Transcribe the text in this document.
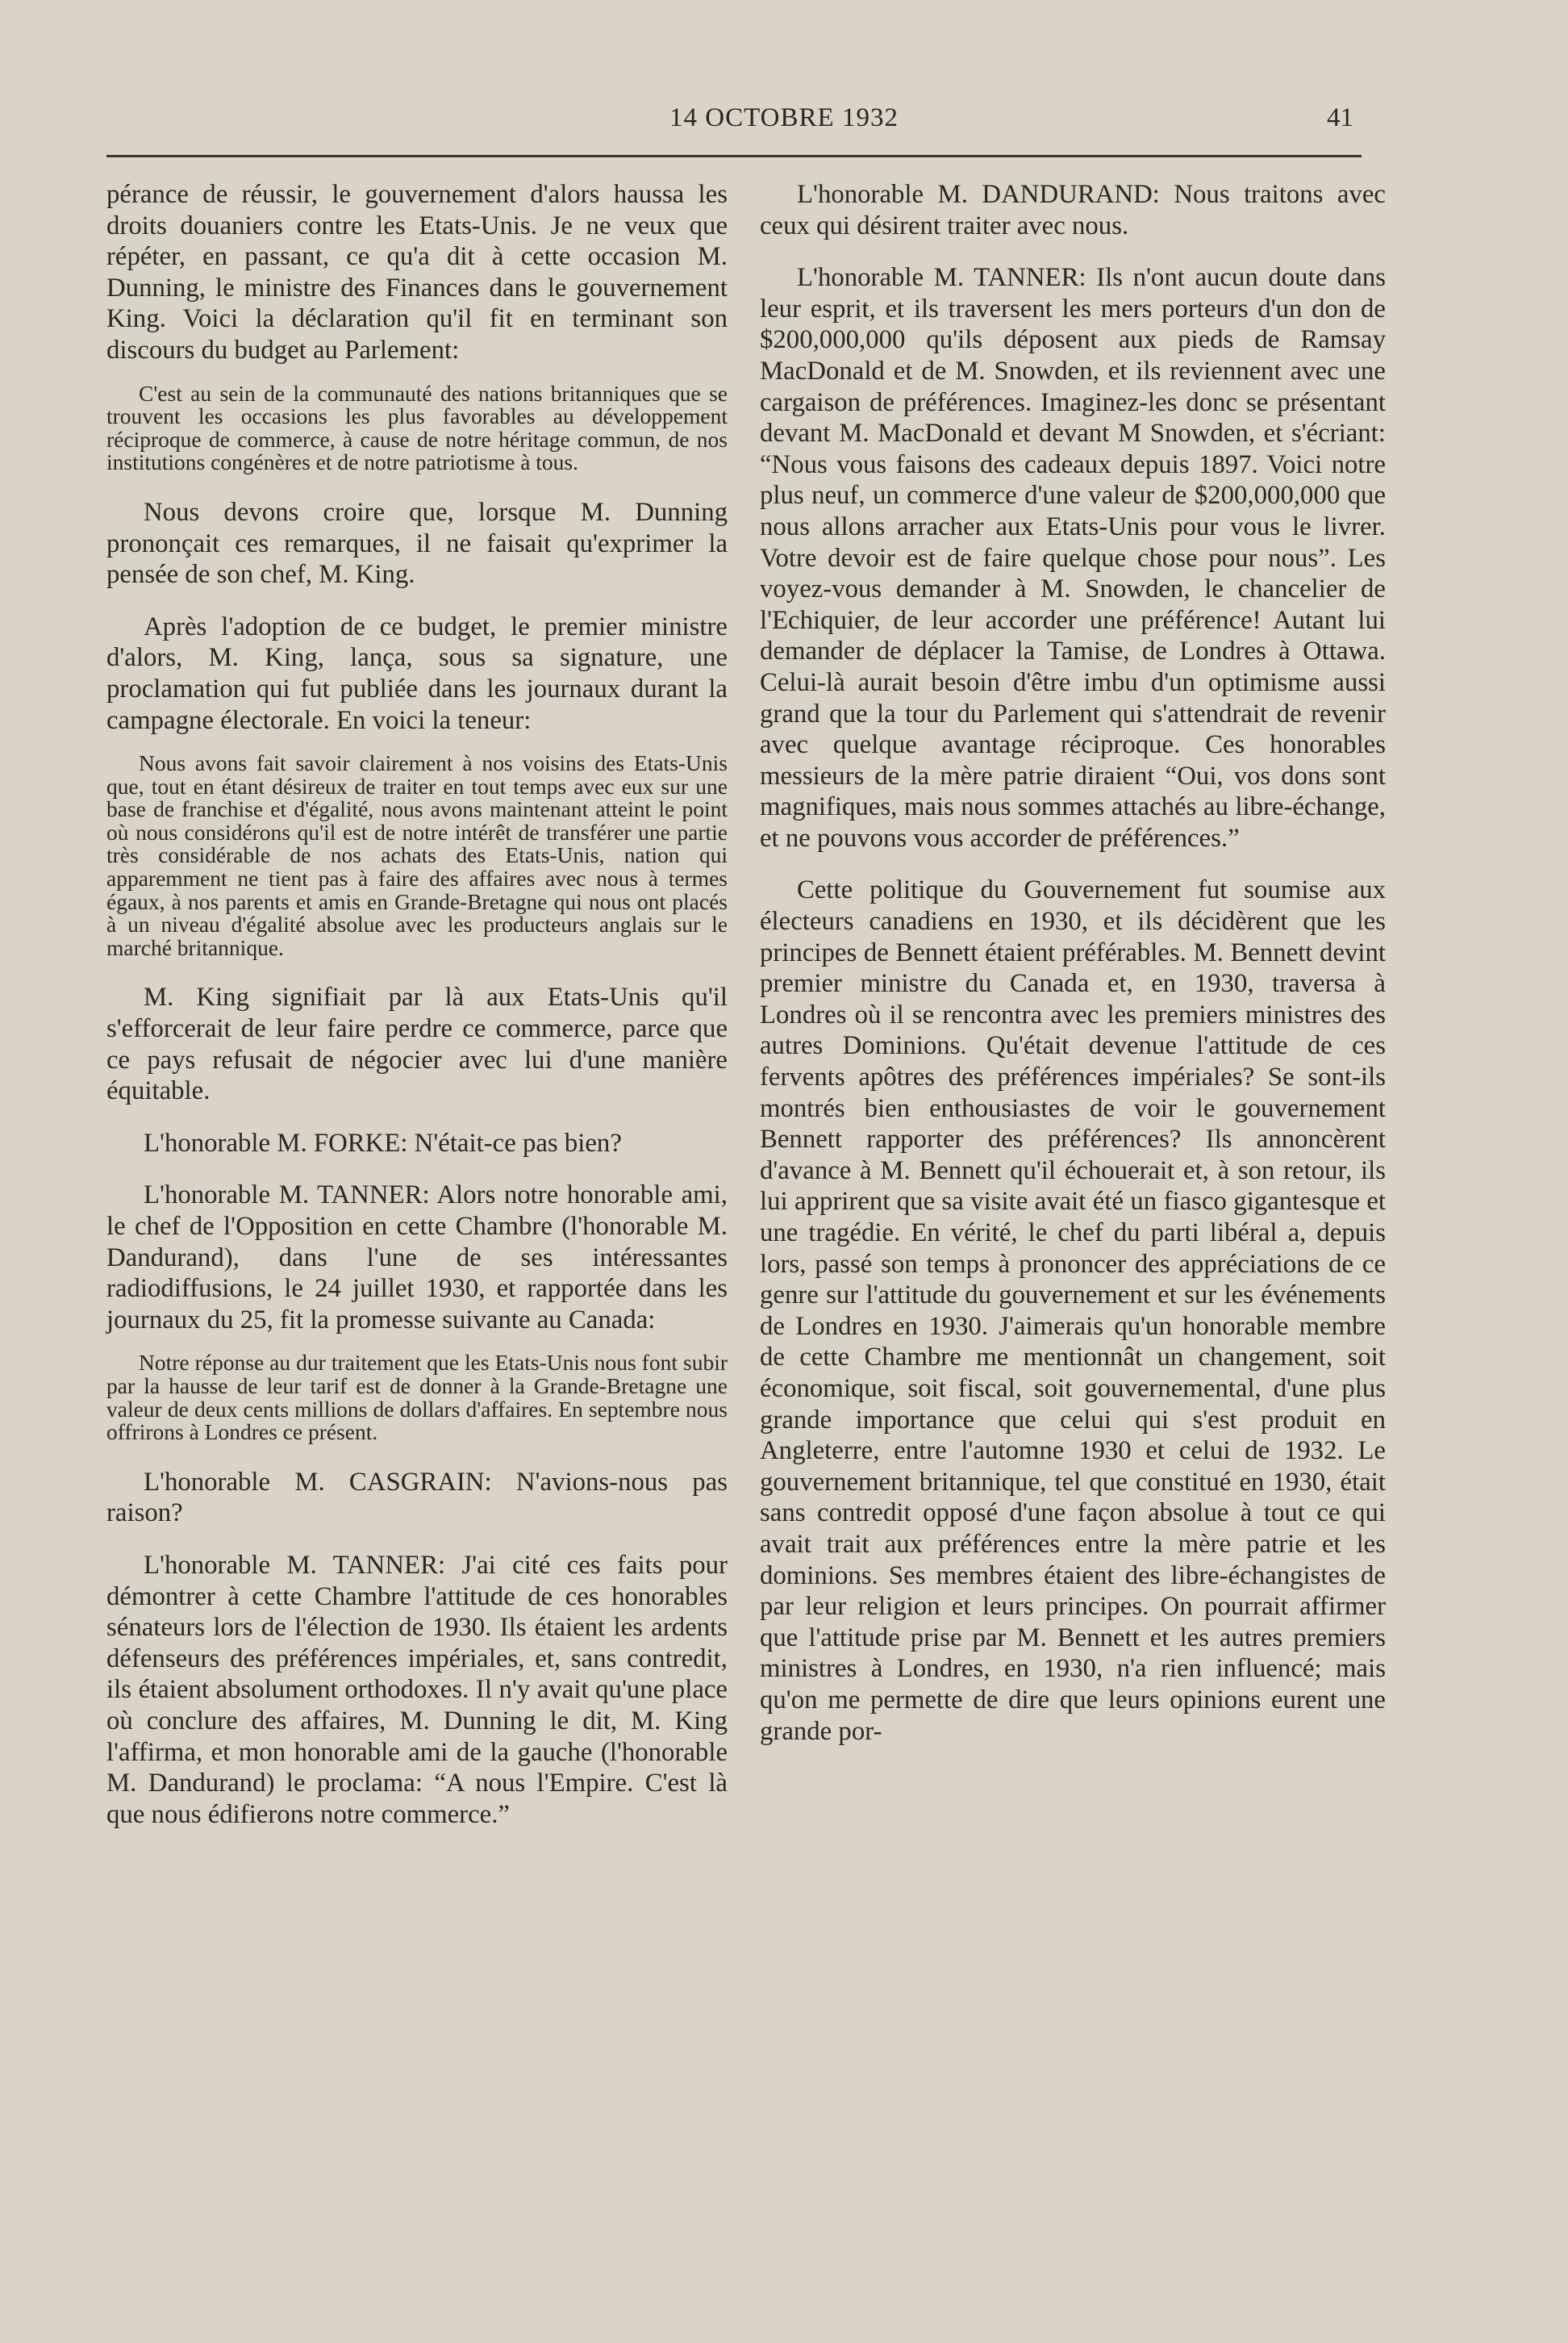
14 OCTOBRE 1932	41

pérance de réussir, le gouvernement d'alors haussa les droits douaniers contre les Etats-Unis. Je ne veux que répéter, en passant, ce qu'a dit à cette occasion M. Dunning, le ministre des Finances dans le gouvernement King. Voici la déclaration qu'il fit en terminant son discours du budget au Parlement:

C'est au sein de la communauté des nations britanniques que se trouvent les occasions les plus favorables au développement réciproque de commerce, à cause de notre héritage commun, de nos institutions congénères et de notre patriotisme à tous.

Nous devons croire que, lorsque M. Dunning prononçait ces remarques, il ne faisait qu'exprimer la pensée de son chef, M. King.

Après l'adoption de ce budget, le premier ministre d'alors, M. King, lança, sous sa signature, une proclamation qui fut publiée dans les journaux durant la campagne électorale. En voici la teneur:

Nous avons fait savoir clairement à nos voisins des Etats-Unis que, tout en étant désireux de traiter en tout temps avec eux sur une base de franchise et d'égalité, nous avons maintenant atteint le point où nous considérons qu'il est de notre intérêt de transférer une partie très considérable de nos achats des Etats-Unis, nation qui apparemment ne tient pas à faire des affaires avec nous à termes égaux, à nos parents et amis en Grande-Bretagne qui nous ont placés à un niveau d'égalité absolue avec les producteurs anglais sur le marché britannique.

M. King signifiait par là aux Etats-Unis qu'il s'efforcerait de leur faire perdre ce commerce, parce que ce pays refusait de négocier avec lui d'une manière équitable.

L'honorable M. FORKE: N'était-ce pas bien?

L'honorable M. TANNER: Alors notre honorable ami, le chef de l'Opposition en cette Chambre (l'honorable M. Dandurand), dans l'une de ses intéressantes radiodiffusions, le 24 juillet 1930, et rapportée dans les journaux du 25, fit la promesse suivante au Canada:

Notre réponse au dur traitement que les Etats-Unis nous font subir par la hausse de leur tarif est de donner à la Grande-Bretagne une valeur de deux cents millions de dollars d'affaires. En septembre nous offrirons à Londres ce présent.

L'honorable M. CASGRAIN: N'avions-nous pas raison?

L'honorable M. TANNER: J'ai cité ces faits pour démontrer à cette Chambre l'attitude de ces honorables sénateurs lors de l'élection de 1930. Ils étaient les ardents défenseurs des préférences impériales, et, sans contredit, ils étaient absolument orthodoxes. Il n'y avait qu'une place où conclure des affaires, M. Dunning le dit, M. King l'affirma, et mon honorable ami de la gauche (l'honorable M. Dandurand) le proclama: “A nous l'Empire. C'est là que nous édifierons notre commerce.”

L'honorable M. DANDURAND: Nous traitons avec ceux qui désirent traiter avec nous.

L'honorable M. TANNER: Ils n'ont aucun doute dans leur esprit, et ils traversent les mers porteurs d'un don de $200,000,000 qu'ils déposent aux pieds de Ramsay MacDonald et de M. Snowden, et ils reviennent avec une cargaison de préférences. Imaginez-les donc se présentant devant M. MacDonald et devant M Snowden, et s'écriant: “Nous vous faisons des cadeaux depuis 1897. Voici notre plus neuf, un commerce d'une valeur de $200,000,000 que nous allons arracher aux Etats-Unis pour vous le livrer. Votre devoir est de faire quelque chose pour nous”. Les voyez-vous demander à M. Snowden, le chancelier de l'Echiquier, de leur accorder une préférence! Autant lui demander de déplacer la Tamise, de Londres à Ottawa. Celui-là aurait besoin d'être imbu d'un optimisme aussi grand que la tour du Parlement qui s'attendrait de revenir avec quelque avantage réciproque. Ces honorables messieurs de la mère patrie diraient “Oui, vos dons sont magnifiques, mais nous sommes attachés au libre-échange, et ne pouvons vous accorder de préférences.”

Cette politique du Gouvernement fut soumise aux électeurs canadiens en 1930, et ils décidèrent que les principes de Bennett étaient préférables. M. Bennett devint premier ministre du Canada et, en 1930, traversa à Londres où il se rencontra avec les premiers ministres des autres Dominions. Qu'était devenue l'attitude de ces fervents apôtres des préférences impériales? Se sont-ils montrés bien enthousiastes de voir le gouvernement Bennett rapporter des préférences? Ils annoncèrent d'avance à M. Bennett qu'il échouerait et, à son retour, ils lui apprirent que sa visite avait été un fiasco gigantesque et une tragédie. En vérité, le chef du parti libéral a, depuis lors, passé son temps à prononcer des appréciations de ce genre sur l'attitude du gouvernement et sur les événements de Londres en 1930. J'aimerais qu'un honorable membre de cette Chambre me mentionnât un changement, soit économique, soit fiscal, soit gouvernemental, d'une plus grande importance que celui qui s'est produit en Angleterre, entre l'automne 1930 et celui de 1932. Le gouvernement britannique, tel que constitué en 1930, était sans contredit opposé d'une façon absolue à tout ce qui avait trait aux préférences entre la mère patrie et les dominions. Ses membres étaient des libre-échangistes de par leur religion et leurs principes. On pourrait affirmer que l'attitude prise par M. Bennett et les autres premiers ministres à Londres, en 1930, n'a rien influencé; mais qu'on me permette de dire que leurs opinions eurent une grande por-
